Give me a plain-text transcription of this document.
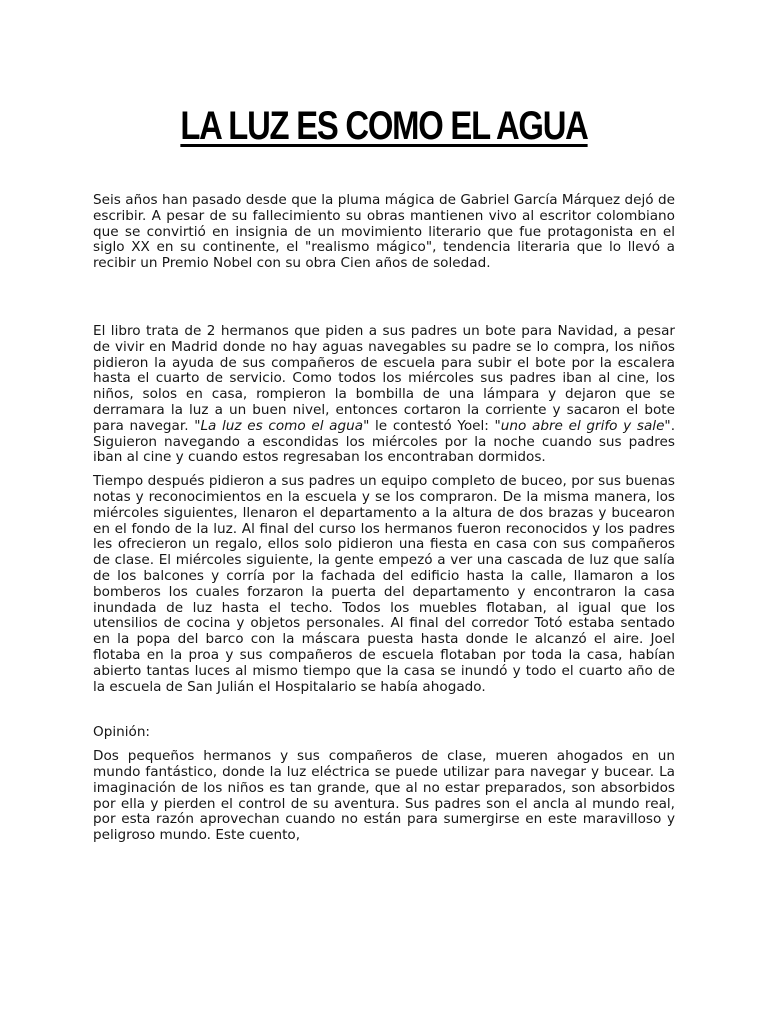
LA LUZ ES COMO EL AGUA

Seis años han pasado desde que la pluma mágica de Gabriel García Márquez dejó de escribir. A pesar de su fallecimiento su obras mantienen vivo al escritor colombiano que se convirtió en insignia de un movimiento literario que fue protagonista en el siglo XX en su continente, el "realismo mágico", tendencia literaria que lo llevó a recibir un Premio Nobel con su obra Cien años de soledad.

El libro trata de 2 hermanos que piden a sus padres un bote para Navidad, a pesar de vivir en Madrid donde no hay aguas navegables su padre se lo compra, los niños pidieron la ayuda de sus compañeros de escuela para subir el bote por la escalera hasta el cuarto de servicio. Como todos los miércoles sus padres iban al cine, los niños, solos en casa, rompieron la bombilla de una lámpara y dejaron que se derramara la luz a un buen nivel, entonces cortaron la corriente y sacaron el bote para navegar. "La luz es como el agua" le contestó Yoel: "uno abre el grifo y sale". Siguieron navegando a escondidas los miércoles por la noche cuando sus padres iban al cine y cuando estos regresaban los encontraban dormidos.

Tiempo después pidieron a sus padres un equipo completo de buceo, por sus buenas notas y reconocimientos en la escuela y se los compraron. De la misma manera, los miércoles siguientes, llenaron el departamento a la altura de dos brazas y bucearon en el fondo de la luz. Al final del curso los hermanos fueron reconocidos y los padres les ofrecieron un regalo, ellos solo pidieron una fiesta en casa con sus compañeros de clase. El miércoles siguiente, la gente empezó a ver una cascada de luz que salía de los balcones y corría por la fachada del edificio hasta la calle, llamaron a los bomberos los cuales forzaron la puerta del departamento y encontraron la casa inundada de luz hasta el techo. Todos los muebles flotaban, al igual que los utensilios de cocina y objetos personales. Al final del corredor Totó estaba sentado en la popa del barco con la máscara puesta hasta donde le alcanzó el aire. Joel flotaba en la proa y sus compañeros de escuela flotaban por toda la casa, habían abierto tantas luces al mismo tiempo que la casa se inundó y todo el cuarto año de la escuela de San Julián el Hospitalario se había ahogado.

Opinión:

Dos pequeños hermanos y sus compañeros de clase, mueren ahogados en un mundo fantástico, donde la luz eléctrica se puede utilizar para navegar y bucear. La imaginación de los niños es tan grande, que al no estar preparados, son absorbidos por ella y pierden el control de su aventura. Sus padres son el ancla al mundo real, por esta razón aprovechan cuando no están para sumergirse en este maravilloso y peligroso mundo. Este cuento,
